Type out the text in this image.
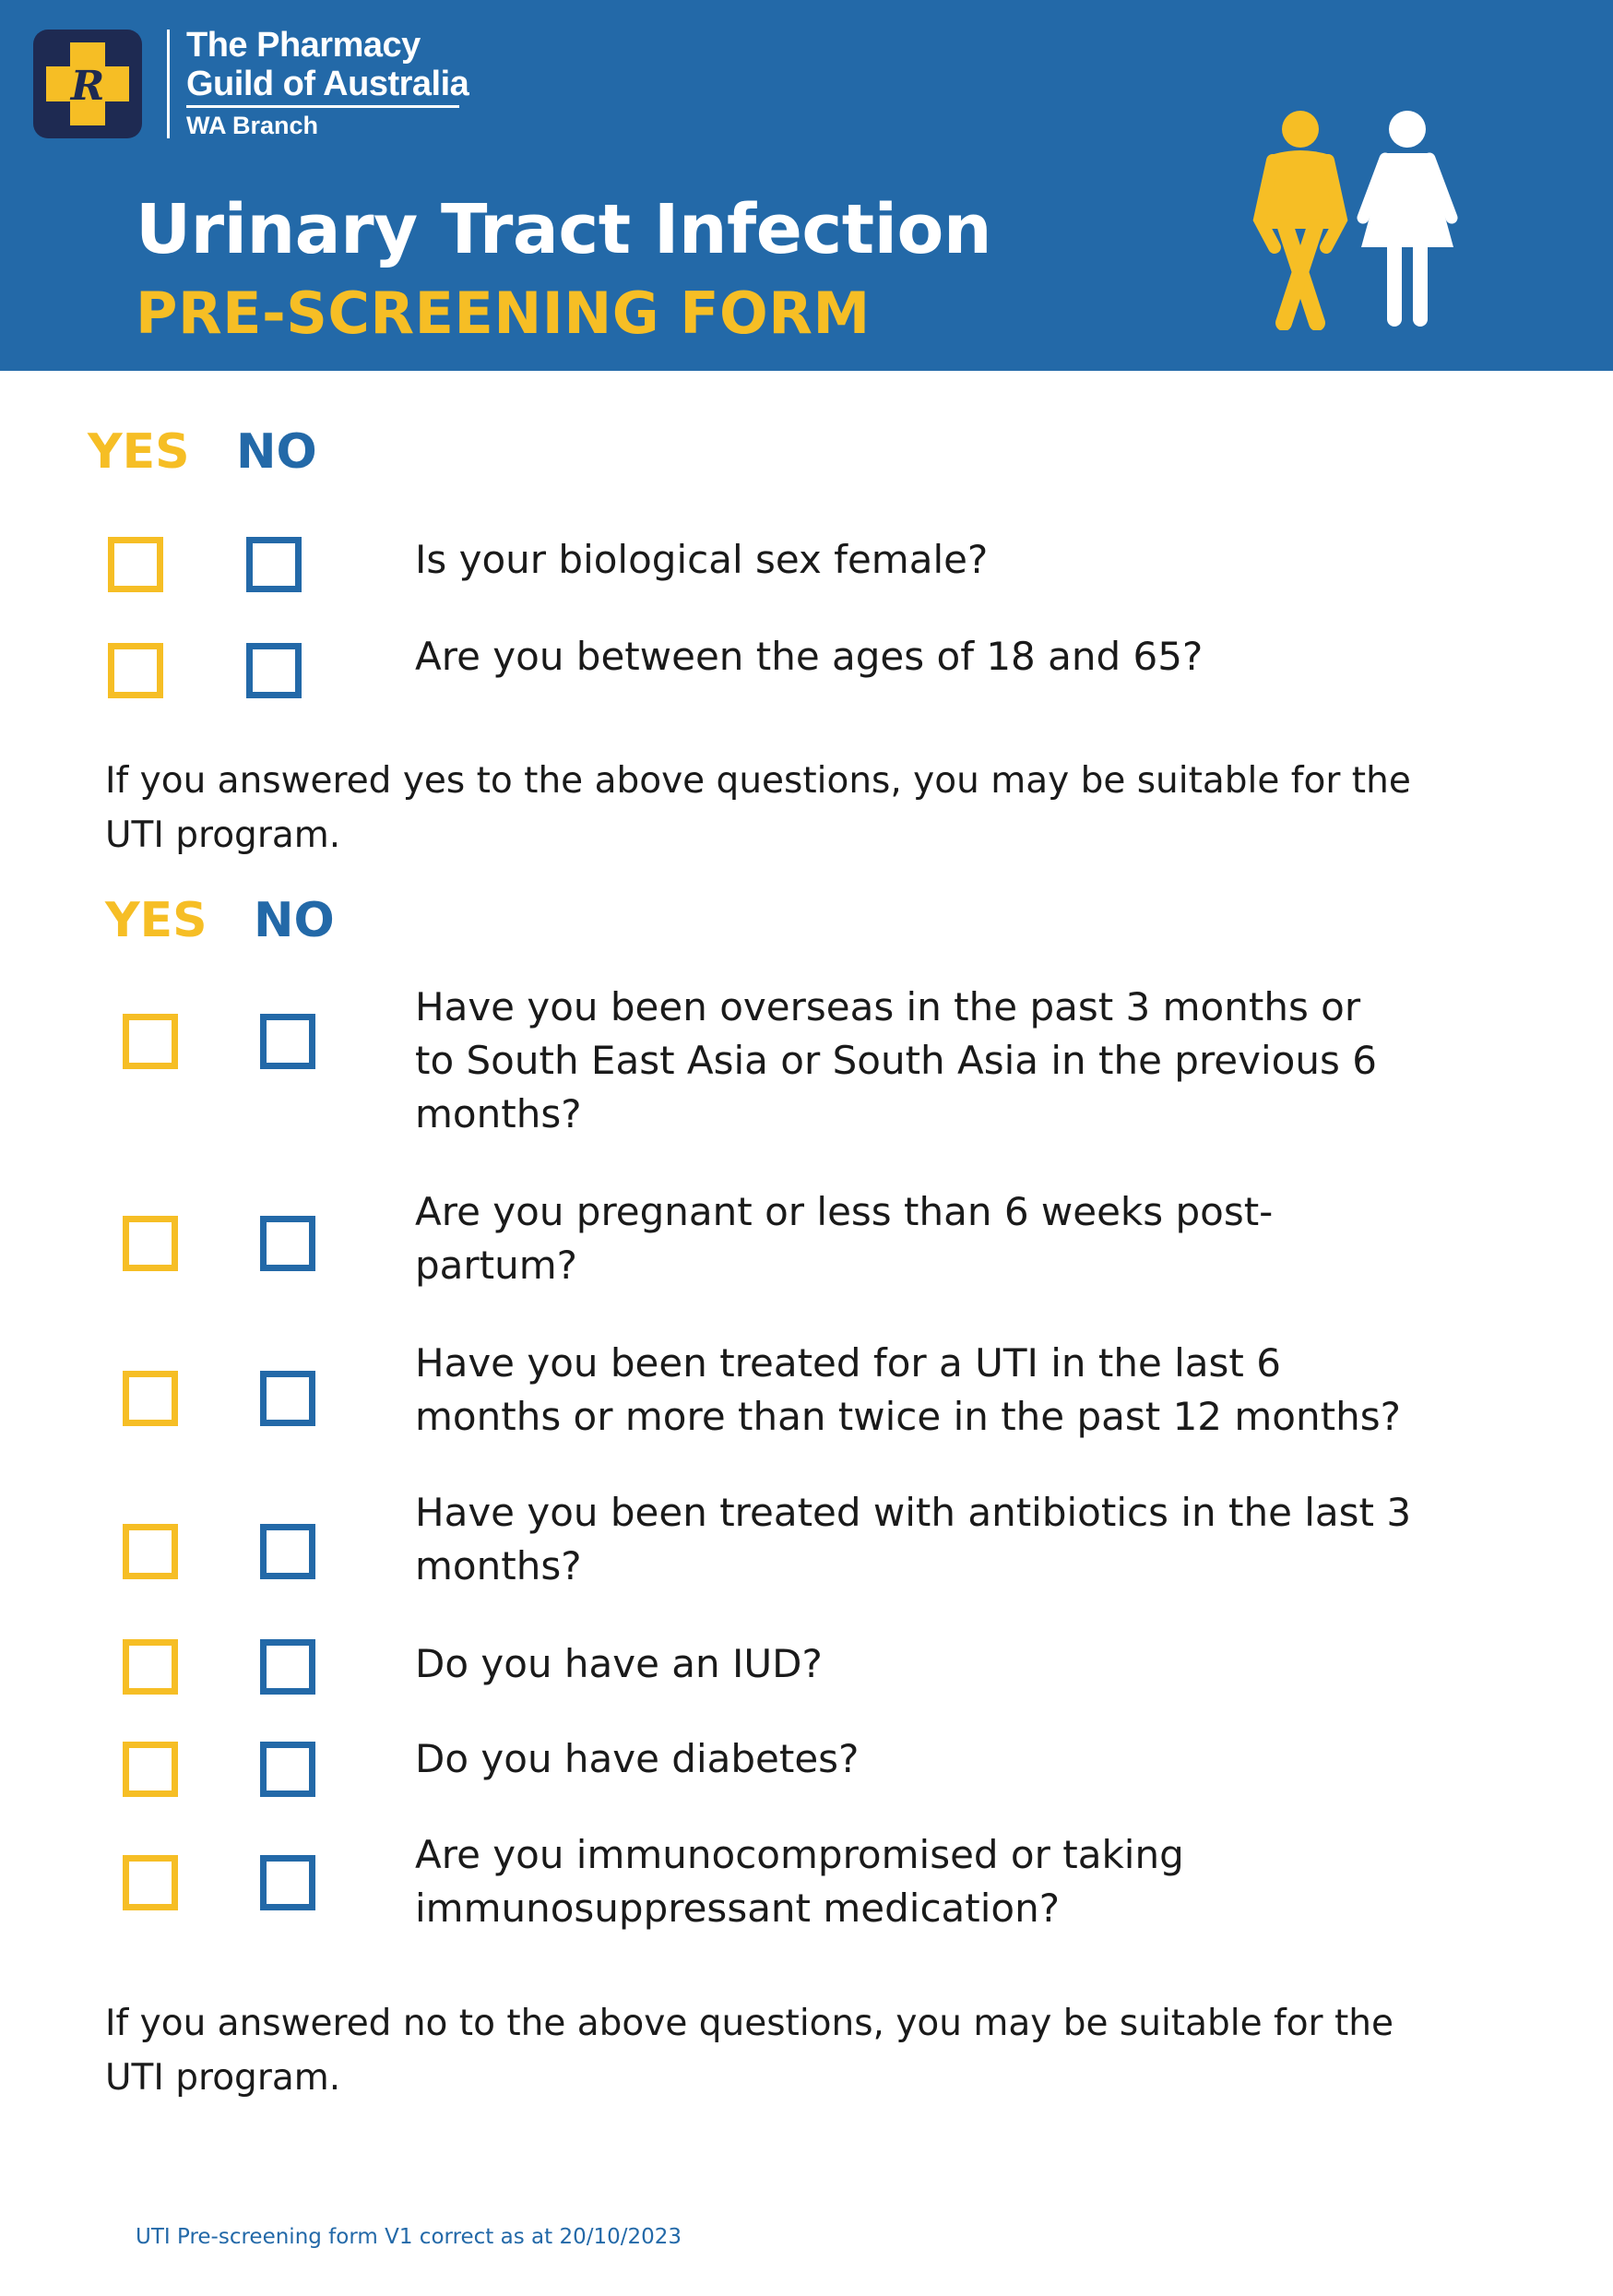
R
The Pharmacy
Guild of Australia
WA Branch
Urinary Tract Infection
PRE-SCREENING FORM
YES NO
Is your biological sex female?
Are you between the ages of 18 and 65?
If you answered yes to the above questions, you may be suitable for the
UTI program.
YES NO
Have you been overseas in the past 3 months or
to South East Asia or South Asia in the previous 6
months?
Are you pregnant or less than 6 weeks post-
partum?
Have you been treated for a UTI in the last 6
months or more than twice in the past 12 months?
Have you been treated with antibiotics in the last 3
months?
Do you have an IUD?
Do you have diabetes?
Are you immunocompromised or taking
immunosuppressant medication?
If you answered no to the above questions, you may be suitable for the
UTI program.
UTI Pre-screening form V1 correct as at 20/10/2023
